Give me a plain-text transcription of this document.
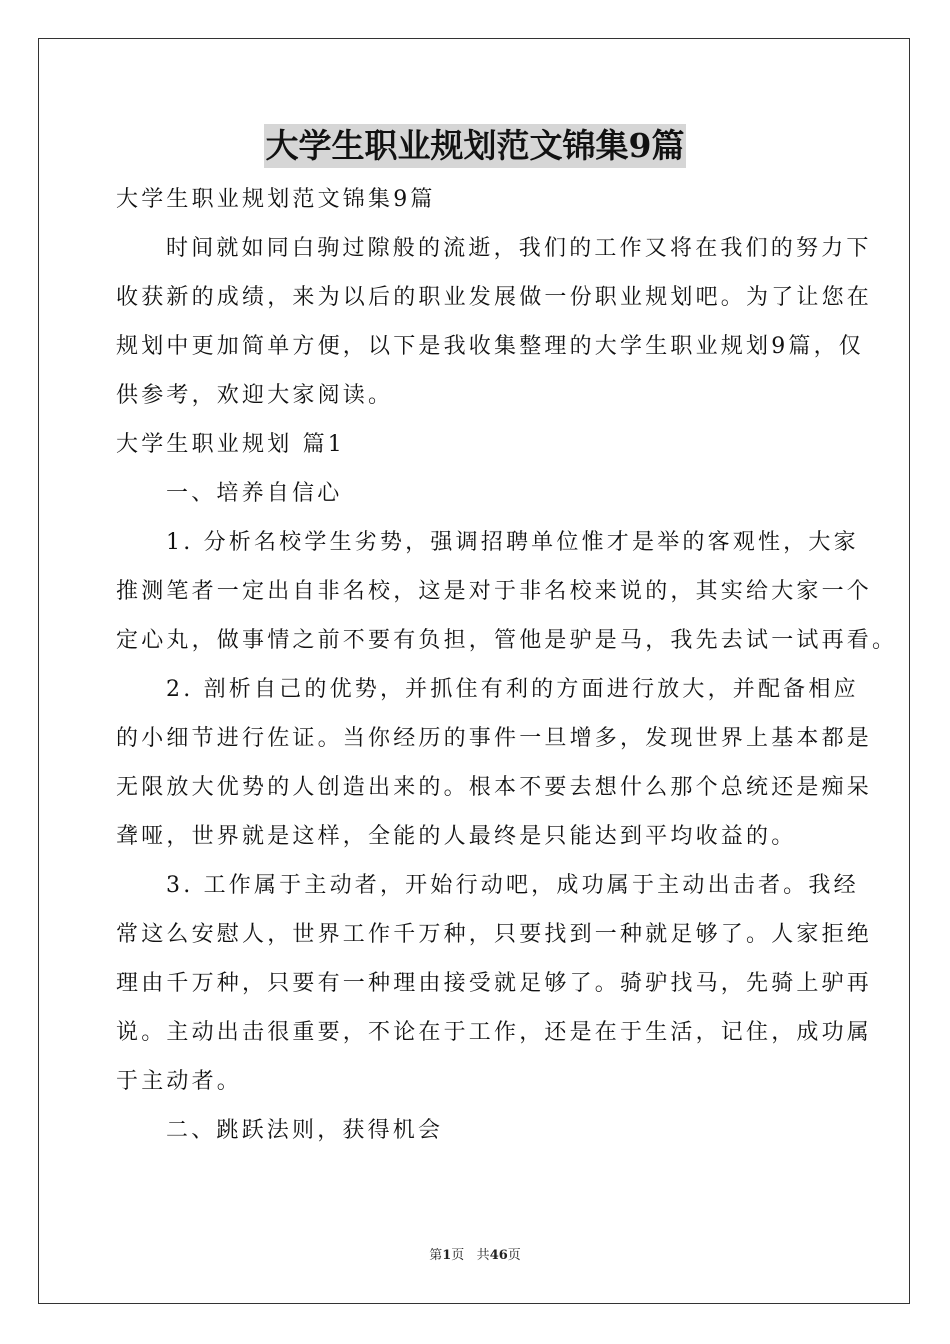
大学生职业规划范文锦集9篇

大学生职业规划范文锦集9篇

时间就如同白驹过隙般的流逝，我们的工作又将在我们的努力下

收获新的成绩，来为以后的职业发展做一份职业规划吧。为了让您在

规划中更加简单方便，以下是我收集整理的大学生职业规划9篇，仅

供参考，欢迎大家阅读。

大学生职业规划 篇1

一、培养自信心

1. 分析名校学生劣势，强调招聘单位惟才是举的客观性，大家

推测笔者一定出自非名校，这是对于非名校来说的，其实给大家一个

定心丸，做事情之前不要有负担，管他是驴是马，我先去试一试再看。

2. 剖析自己的优势，并抓住有利的方面进行放大，并配备相应

的小细节进行佐证。当你经历的事件一旦增多，发现世界上基本都是

无限放大优势的人创造出来的。根本不要去想什么那个总统还是痴呆

聋哑，世界就是这样，全能的人最终是只能达到平均收益的。

3. 工作属于主动者，开始行动吧，成功属于主动出击者。我经

常这么安慰人，世界工作千万种，只要找到一种就足够了。人家拒绝

理由千万种，只要有一种理由接受就足够了。骑驴找马，先骑上驴再

说。主动出击很重要，不论在于工作，还是在于生活，记住，成功属

于主动者。

二、跳跃法则，获得机会

第1页 共46页
